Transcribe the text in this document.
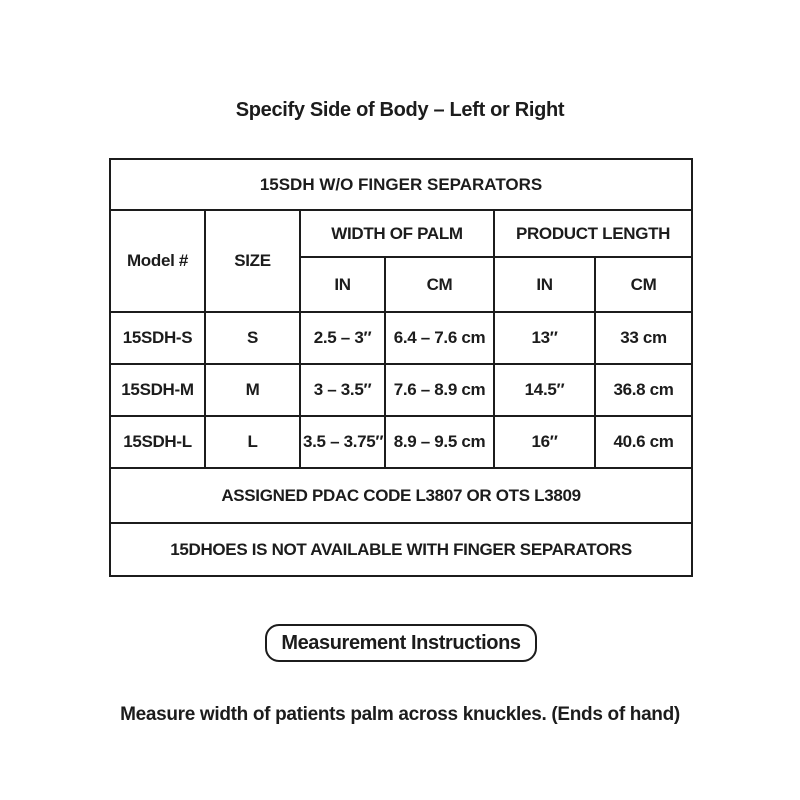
Specify Side of Body – Left or Right
15SDH W/O FINGER SEPARATORS					
Model #	SIZE	WIDTH OF PALM		PRODUCT LENGTH	
		IN	CM	IN	CM
15SDH-S	S	2.5 – 3″	6.4 – 7.6 cm	13″	33 cm
15SDH-M	M	3 – 3.5″	7.6 – 8.9 cm	14.5″	36.8 cm
15SDH-L	L	3.5 – 3.75″	8.9 – 9.5 cm	16″	40.6 cm
ASSIGNED PDAC CODE L3807 OR OTS L3809					
15DHOES IS NOT AVAILABLE WITH FINGER SEPARATORS					
Measurement Instructions
Measure width of patients palm across knuckles. (Ends of hand)
